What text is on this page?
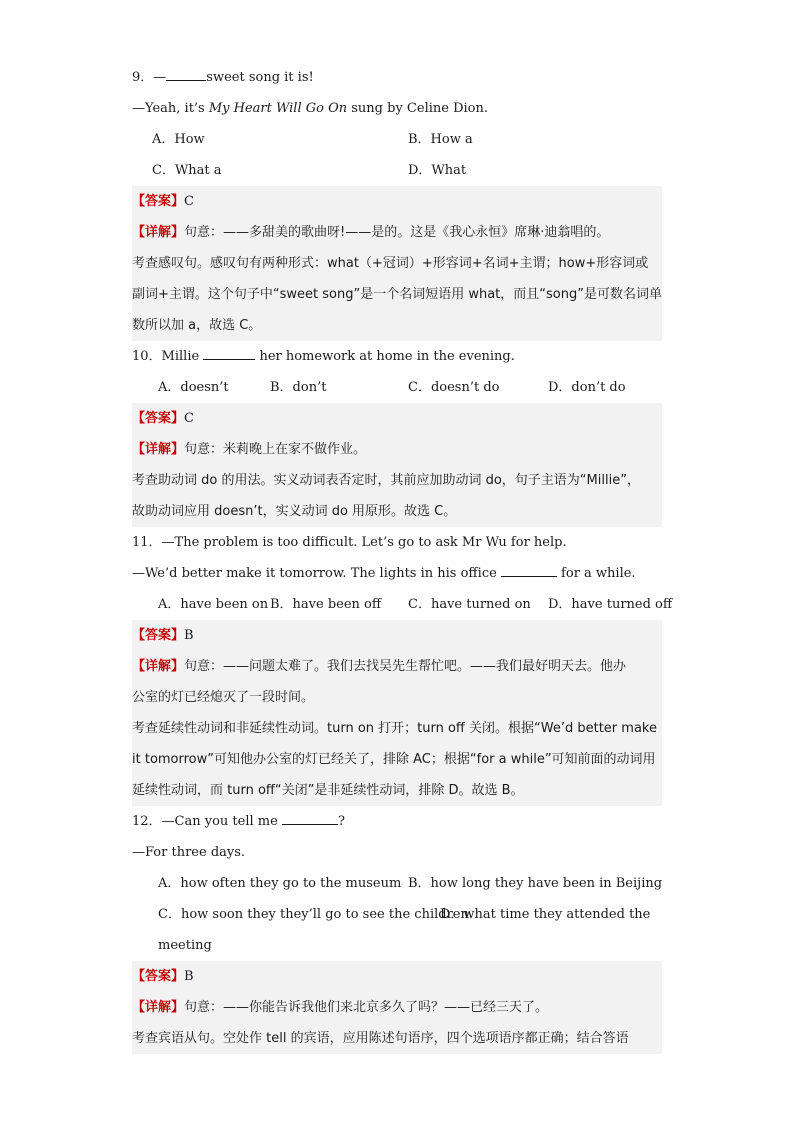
9．—	sweet song it is!
—Yeah, it’s My Heart Will Go On sung by Celine Dion.
A．How	B．How a
C．What a	D．What
【答案】C
【详解】句意：——多甜美的歌曲呀!——是的。这是《我心永恒》席琳·迪翁唱的。
考查感叹句。感叹句有两种形式：what（+冠词）+形容词+名词+主谓；how+形容词或
副词+主谓。这个句子中“sweet song”是一个名词短语用 what，而且“song”是可数名词单
数所以加 a，故选 C。
10．Millie	her homework at home in the evening.
A．doesn’t	B．don’t	C．doesn’t do	D．don’t do
【答案】C
【详解】句意：米莉晚上在家不做作业。
考查助动词 do 的用法。实义动词表否定时，其前应加助动词 do，句子主语为“Millie”，
故助动词应用 doesn’t，实义动词 do 用原形。故选 C。
11．—The problem is too difficult. Let’s go to ask Mr Wu for help.
—We’d better make it tomorrow. The lights in his office	for a while.
A．have been on B．have been off C．have turned on D．have turned off
【答案】B
【详解】句意：——问题太难了。我们去找吴先生帮忙吧。——我们最好明天去。他办
公室的灯已经熄灭了一段时间。
考查延续性动词和非延续性动词。turn on 打开；turn off 关闭。根据“We’d better make
it tomorrow”可知他办公室的灯已经关了，排除 AC；根据“for a while”可知前面的动词用
延续性动词，而 turn off“关闭”是非延续性动词，排除 D。故选 B。
12．—Can you tell me	?
—For three days.
A．how often they go to the museum B．how long they have been in Beijing
C．how soon they they’ll go to see the children
D．what time they attended the
meeting
【答案】B
【详解】句意：——你能告诉我他们来北京多久了吗？——已经三天了。
考查宾语从句。空处作 tell 的宾语，应用陈述句语序，四个选项语序都正确；结合答语
